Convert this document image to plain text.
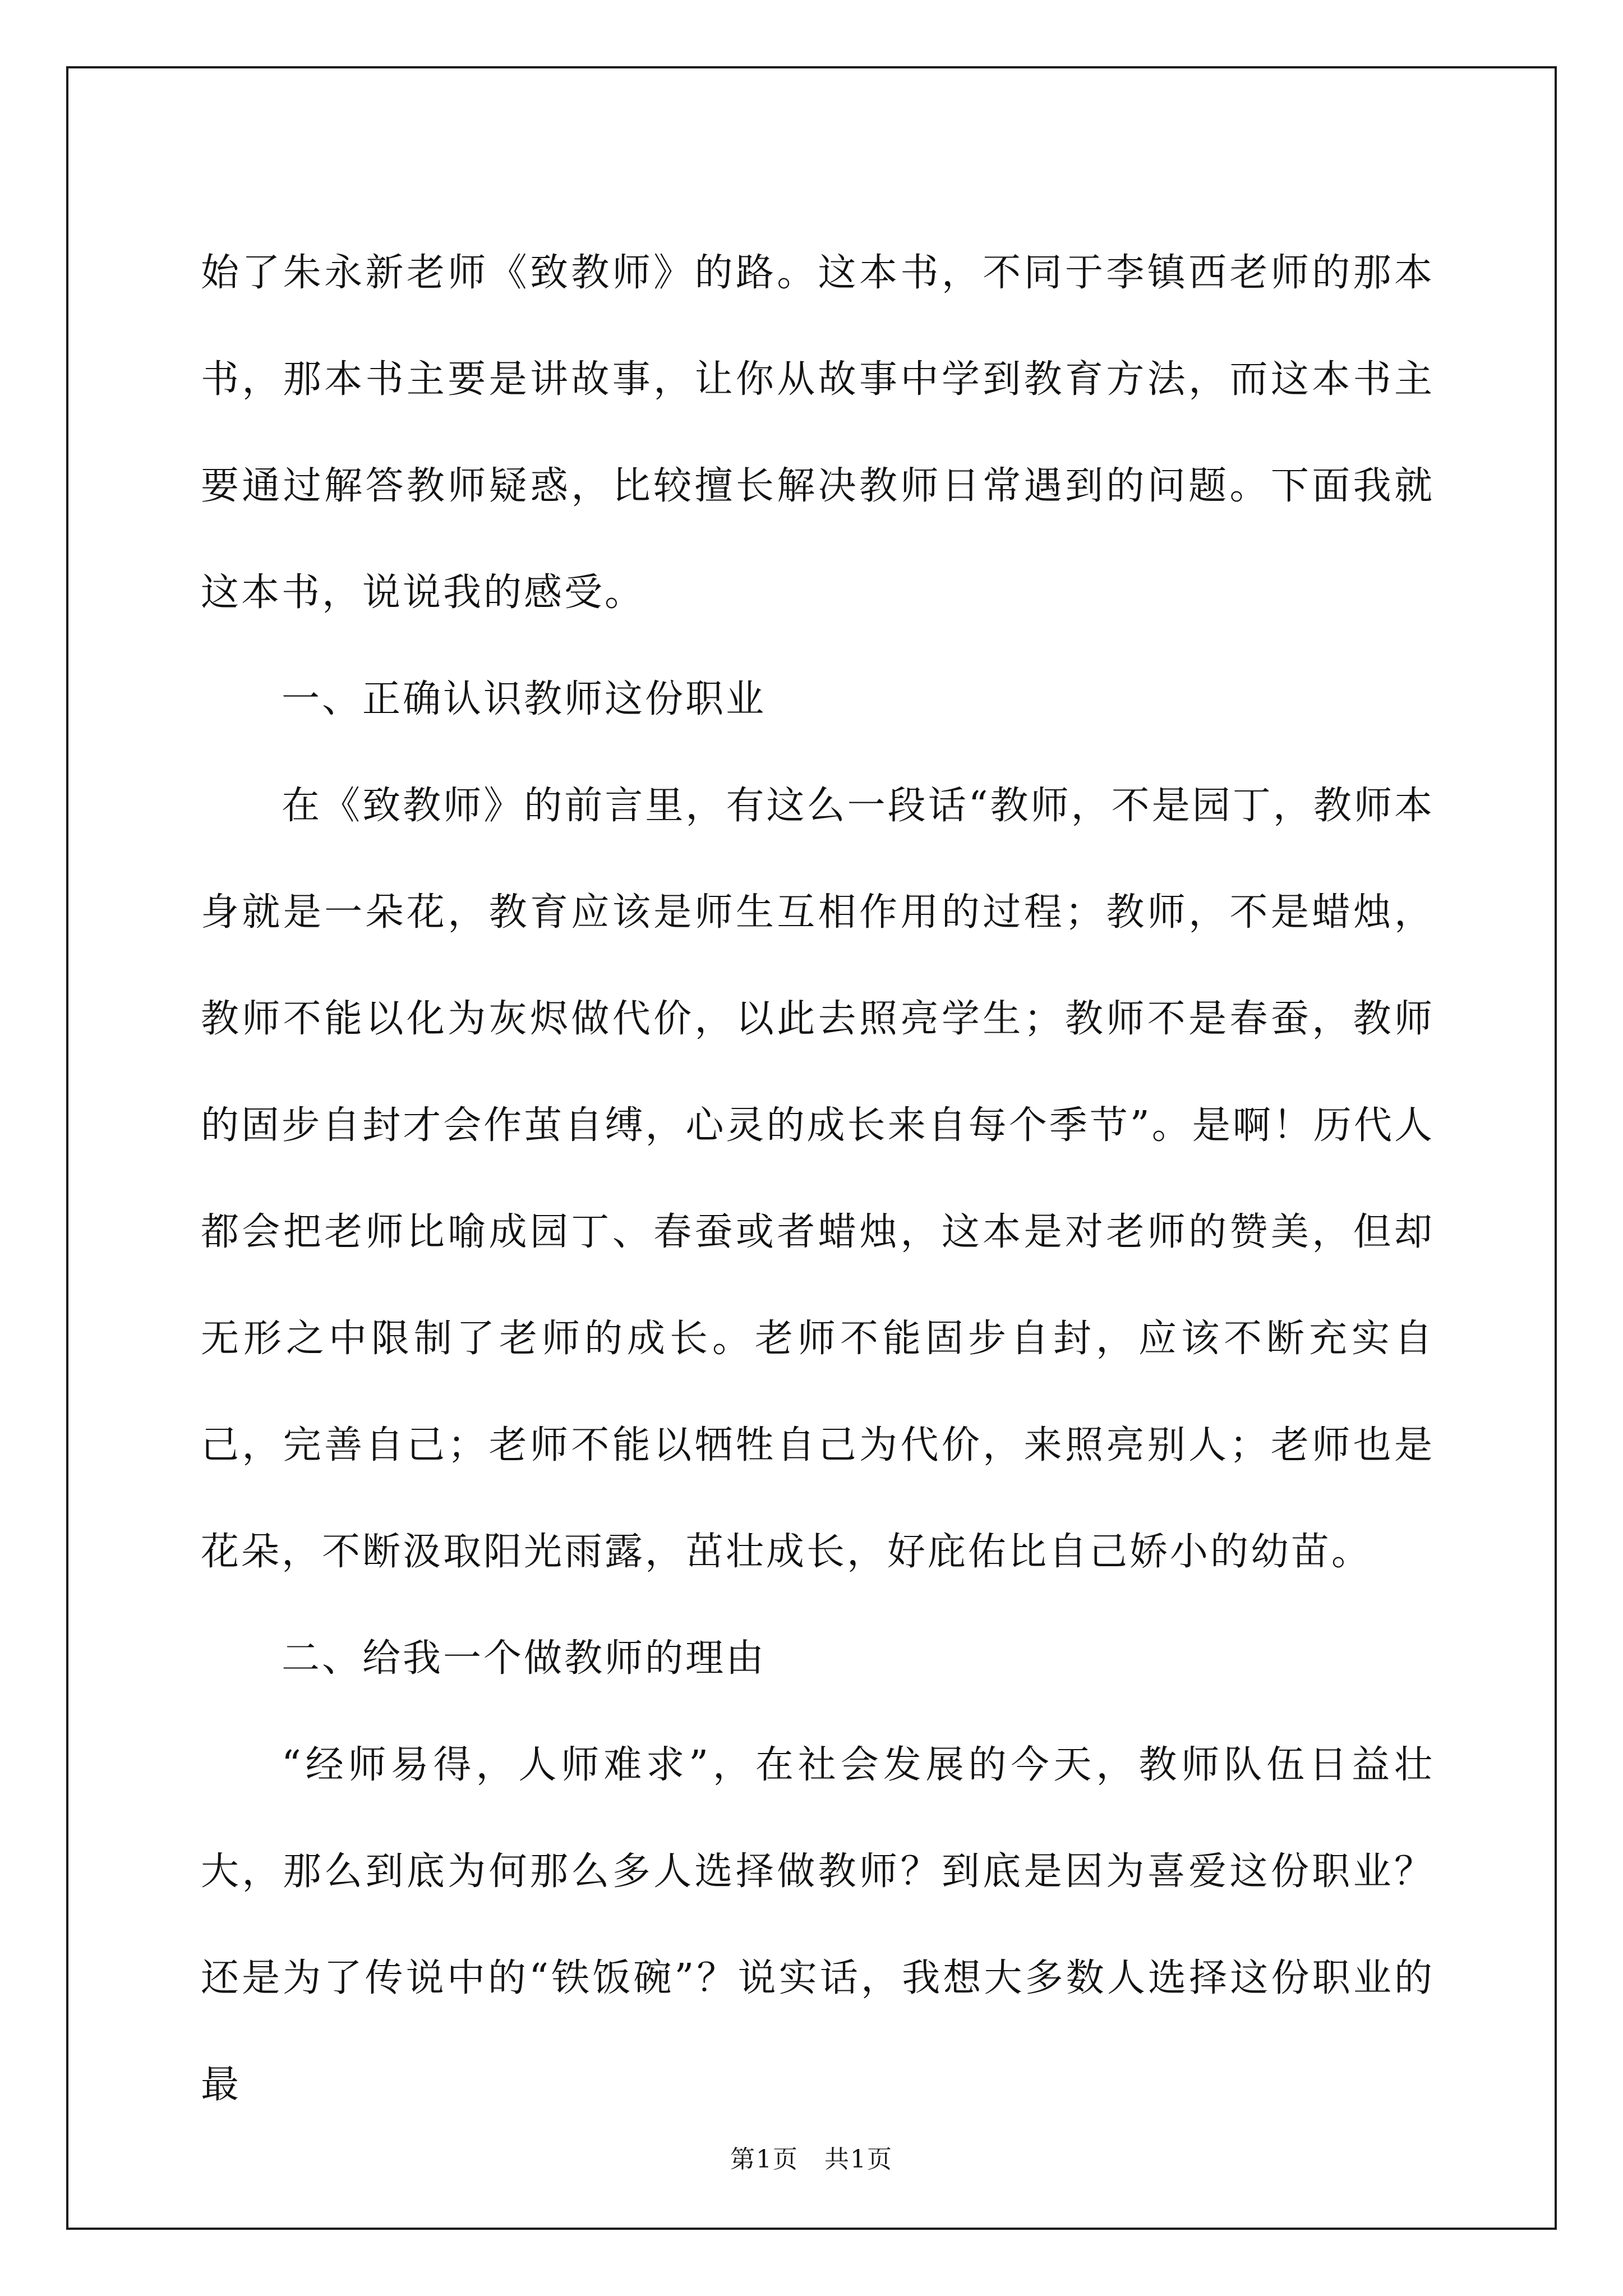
始了朱永新老师《致教师》的路。这本书，不同于李镇西老师的那本书，那本书主要是讲故事，让你从故事中学到教育方法，而这本书主要通过解答教师疑惑，比较擅长解决教师日常遇到的问题。下面我就这本书，说说我的感受。

一、正确认识教师这份职业

在《致教师》的前言里，有这么一段话“教师，不是园丁，教师本身就是一朵花，教育应该是师生互相作用的过程；教师，不是蜡烛，教师不能以化为灰烬做代价，以此去照亮学生；教师不是春蚕，教师的固步自封才会作茧自缚，心灵的成长来自每个季节”。是啊！历代人都会把老师比喻成园丁、春蚕或者蜡烛，这本是对老师的赞美，但却无形之中限制了老师的成长。老师不能固步自封，应该不断充实自己，完善自己；老师不能以牺牲自己为代价，来照亮别人；老师也是花朵，不断汲取阳光雨露，茁壮成长，好庇佑比自己娇小的幼苗。

二、给我一个做教师的理由

“经师易得，人师难求”，在社会发展的今天，教师队伍日益壮大，那么到底为何那么多人选择做教师？到底是因为喜爱这份职业？还是为了传说中的“铁饭碗”？说实话，我想大多数人选择这份职业的最

第1页　共1页
